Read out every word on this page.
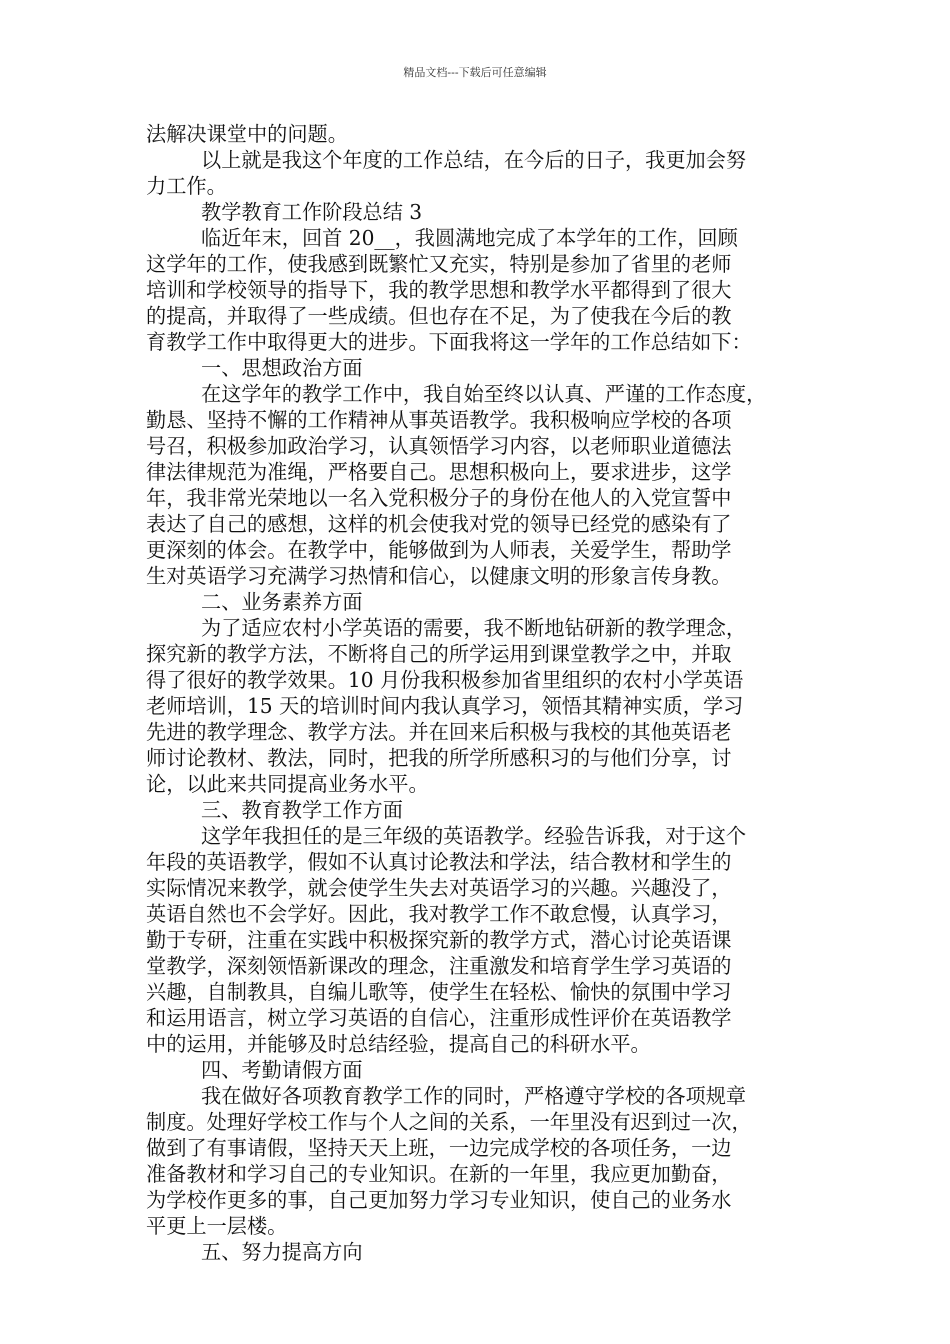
精品文档---下载后可任意编辑
法解决课堂中的问题。
以上就是我这个年度的工作总结，在今后的日子，我更加会努
力工作。
教学教育工作阶段总结 3
临近年末，回首 20__，我圆满地完成了本学年的工作，回顾
这学年的工作，使我感到既繁忙又充实，特别是参加了省里的老师
培训和学校领导的指导下，我的教学思想和教学水平都得到了很大
的提高，并取得了一些成绩。但也存在不足，为了使我在今后的教
育教学工作中取得更大的进步。下面我将这一学年的工作总结如下：
一、思想政治方面
在这学年的教学工作中，我自始至终以认真、严谨的工作态度，
勤恳、坚持不懈的工作精神从事英语教学。我积极响应学校的各项
号召，积极参加政治学习，认真领悟学习内容，以老师职业道德法
律法律规范为准绳，严格要自己。思想积极向上，要求进步，这学
年，我非常光荣地以一名入党积极分子的身份在他人的入党宣誓中
表达了自己的感想，这样的机会使我对党的领导已经党的感染有了
更深刻的体会。在教学中，能够做到为人师表，关爱学生，帮助学
生对英语学习充满学习热情和信心，以健康文明的形象言传身教。
二、业务素养方面
为了适应农村小学英语的需要，我不断地钻研新的教学理念，
探究新的教学方法，不断将自己的所学运用到课堂教学之中，并取
得了很好的教学效果。10 月份我积极参加省里组织的农村小学英语
老师培训，15 天的培训时间内我认真学习，领悟其精神实质，学习
先进的教学理念、教学方法。并在回来后积极与我校的其他英语老
师讨论教材、教法，同时，把我的所学所感积习的与他们分享，讨
论，以此来共同提高业务水平。
三、教育教学工作方面
这学年我担任的是三年级的英语教学。经验告诉我，对于这个
年段的英语教学，假如不认真讨论教法和学法，结合教材和学生的
实际情况来教学，就会使学生失去对英语学习的兴趣。兴趣没了，
英语自然也不会学好。因此，我对教学工作不敢怠慢，认真学习，
勤于专研，注重在实践中积极探究新的教学方式，潜心讨论英语课
堂教学，深刻领悟新课改的理念，注重激发和培育学生学习英语的
兴趣，自制教具，自编儿歌等，使学生在轻松、愉快的氛围中学习
和运用语言，树立学习英语的自信心，注重形成性评价在英语教学
中的运用，并能够及时总结经验，提高自己的科研水平。
四、考勤请假方面
我在做好各项教育教学工作的同时，严格遵守学校的各项规章
制度。处理好学校工作与个人之间的关系，一年里没有迟到过一次，
做到了有事请假，坚持天天上班，一边完成学校的各项任务，一边
准备教材和学习自己的专业知识。在新的一年里，我应更加勤奋，
为学校作更多的事，自己更加努力学习专业知识，使自己的业务水
平更上一层楼。
五、努力提高方向
